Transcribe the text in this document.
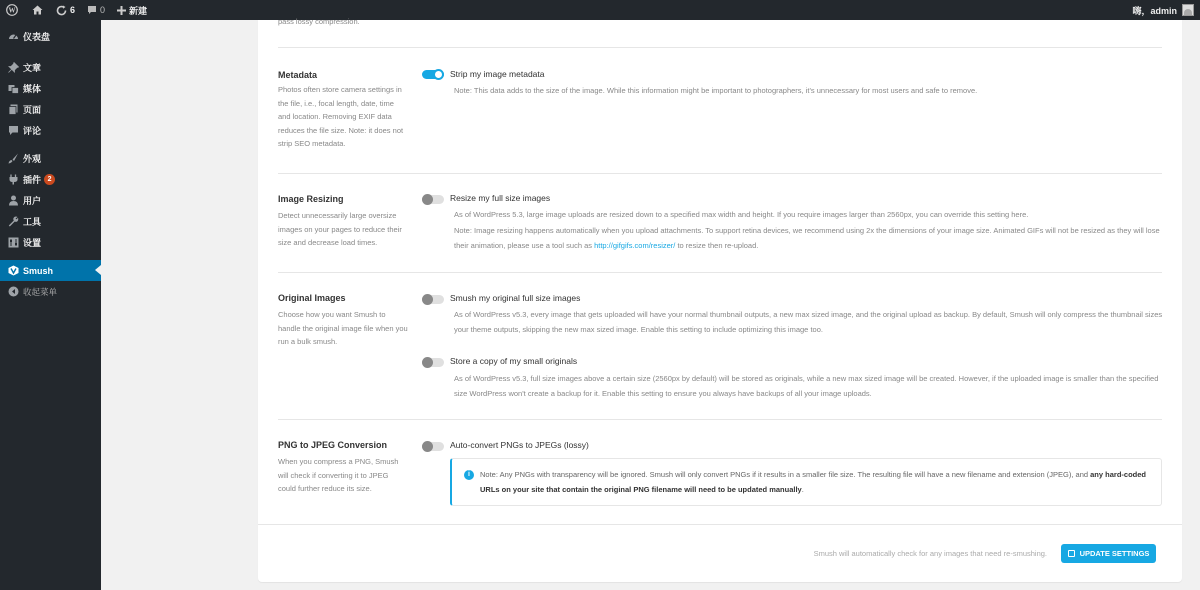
W	6	0	新建	嗨，admin
仪表盘
文章
媒体
页面
评论
外观
插件 2
用户
工具
设置
Smush
收起菜单
pass lossy compression.
Metadata
Photos often store camera settings in the file, i.e., focal length, date, time and location. Removing EXIF data reduces the file size. Note: it does not strip SEO metadata.
Strip my image metadata
Note: This data adds to the size of the image. While this information might be important to photographers, it's unnecessary for most users and safe to remove.
Image Resizing
Detect unnecessarily large oversize images on your pages to reduce their size and decrease load times.
Resize my full size images
As of WordPress 5.3, large image uploads are resized down to a specified max width and height. If you require images larger than 2560px, you can override this setting here.
Note: Image resizing happens automatically when you upload attachments. To support retina devices, we recommend using 2x the dimensions of your image size. Animated GIFs will not be resized as they will lose their animation, please use a tool such as http://gifgifs.com/resizer/ to resize then re-upload.
Original Images
Choose how you want Smush to handle the original image file when you run a bulk smush.
Smush my original full size images
As of WordPress v5.3, every image that gets uploaded will have your normal thumbnail outputs, a new max sized image, and the original upload as backup. By default, Smush will only compress the thumbnail sizes your theme outputs, skipping the new max sized image. Enable this setting to include optimizing this image too.
Store a copy of my small originals
As of WordPress v5.3, full size images above a certain size (2560px by default) will be stored as originals, while a new max sized image will be created. However, if the uploaded image is smaller than the specified size WordPress won't create a backup for it. Enable this setting to ensure you always have backups of all your image uploads.
PNG to JPEG Conversion
When you compress a PNG, Smush will check if converting it to JPEG could further reduce its size.
Auto-convert PNGs to JPEGs (lossy)
i	Note: Any PNGs with transparency will be ignored. Smush will only convert PNGs if it results in a smaller file size. The resulting file will have a new filename and extension (JPEG), and any hard-coded URLs on your site that contain the original PNG filename will need to be updated manually.
Smush will automatically check for any images that need re-smushing.	UPDATE SETTINGS
